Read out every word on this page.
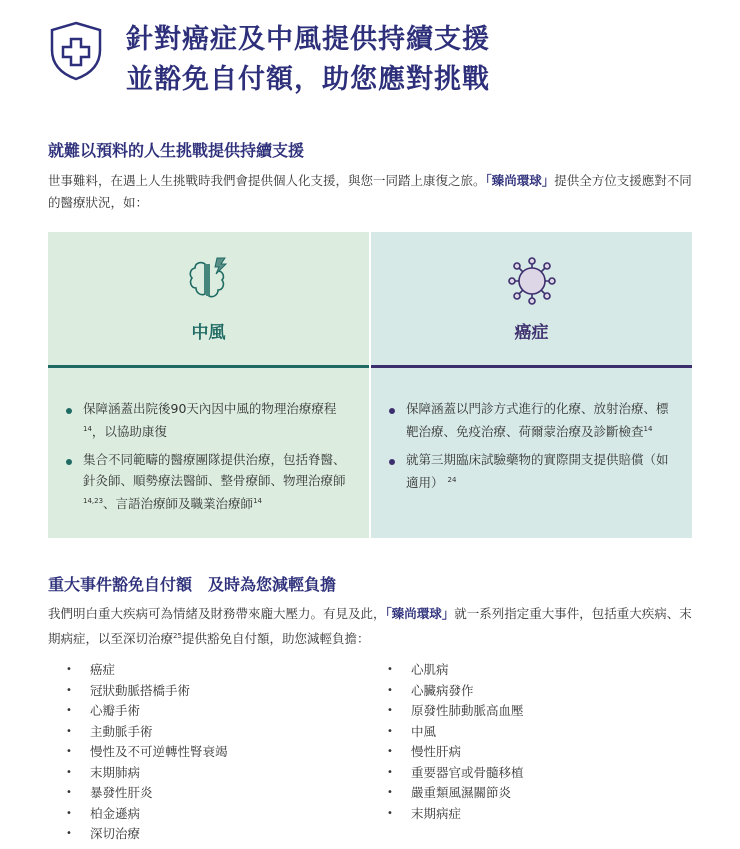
針對癌症及中風提供持續支援
並豁免自付額，助您應對挑戰
就難以預料的人生挑戰提供持續支援

世事難料，在遇上人生挑戰時我們會提供個人化支援，與您一同踏上康復之旅。「臻尚環球」提供全方位支援應對不同的醫療狀況，如：

中風
保障涵蓋出院後90天內因中風的物理治療療程$^{14}$，以協助康復
集合不同範疇的醫療團隊提供治療，包括脊醫、針灸師、順勢療法醫師、整骨療師、物理治療師$^{14,23}$、言語治療師及職業治療師$^{14}$
癌症
保障涵蓋以門診方式進行的化療、放射治療、標靶治療、免疫治療、荷爾蒙治療及診斷檢查$^{14}$
就第三期臨床試驗藥物的實際開支提供賠償（如適用） $^{24}$
重大事件豁免自付額　及時為您減輕負擔

我們明白重大疾病可為情緒及財務帶來龐大壓力。有見及此，「臻尚環球」就一系列指定重大事件，包括重大疾病、末期病症，以至深切治療$^{25}$提供豁免自付額，助您減輕負擔：

• 癌症
• 冠狀動脈搭橋手術
• 心瓣手術
• 主動脈手術
• 慢性及不可逆轉性腎衰竭
• 末期肺病
• 暴發性肝炎
• 柏金遜病
• 深切治療
• 心肌病
• 心臟病發作
• 原發性肺動脈高血壓
• 中風
• 慢性肝病
• 重要器官或骨髓移植
• 嚴重類風濕關節炎
• 末期病症
